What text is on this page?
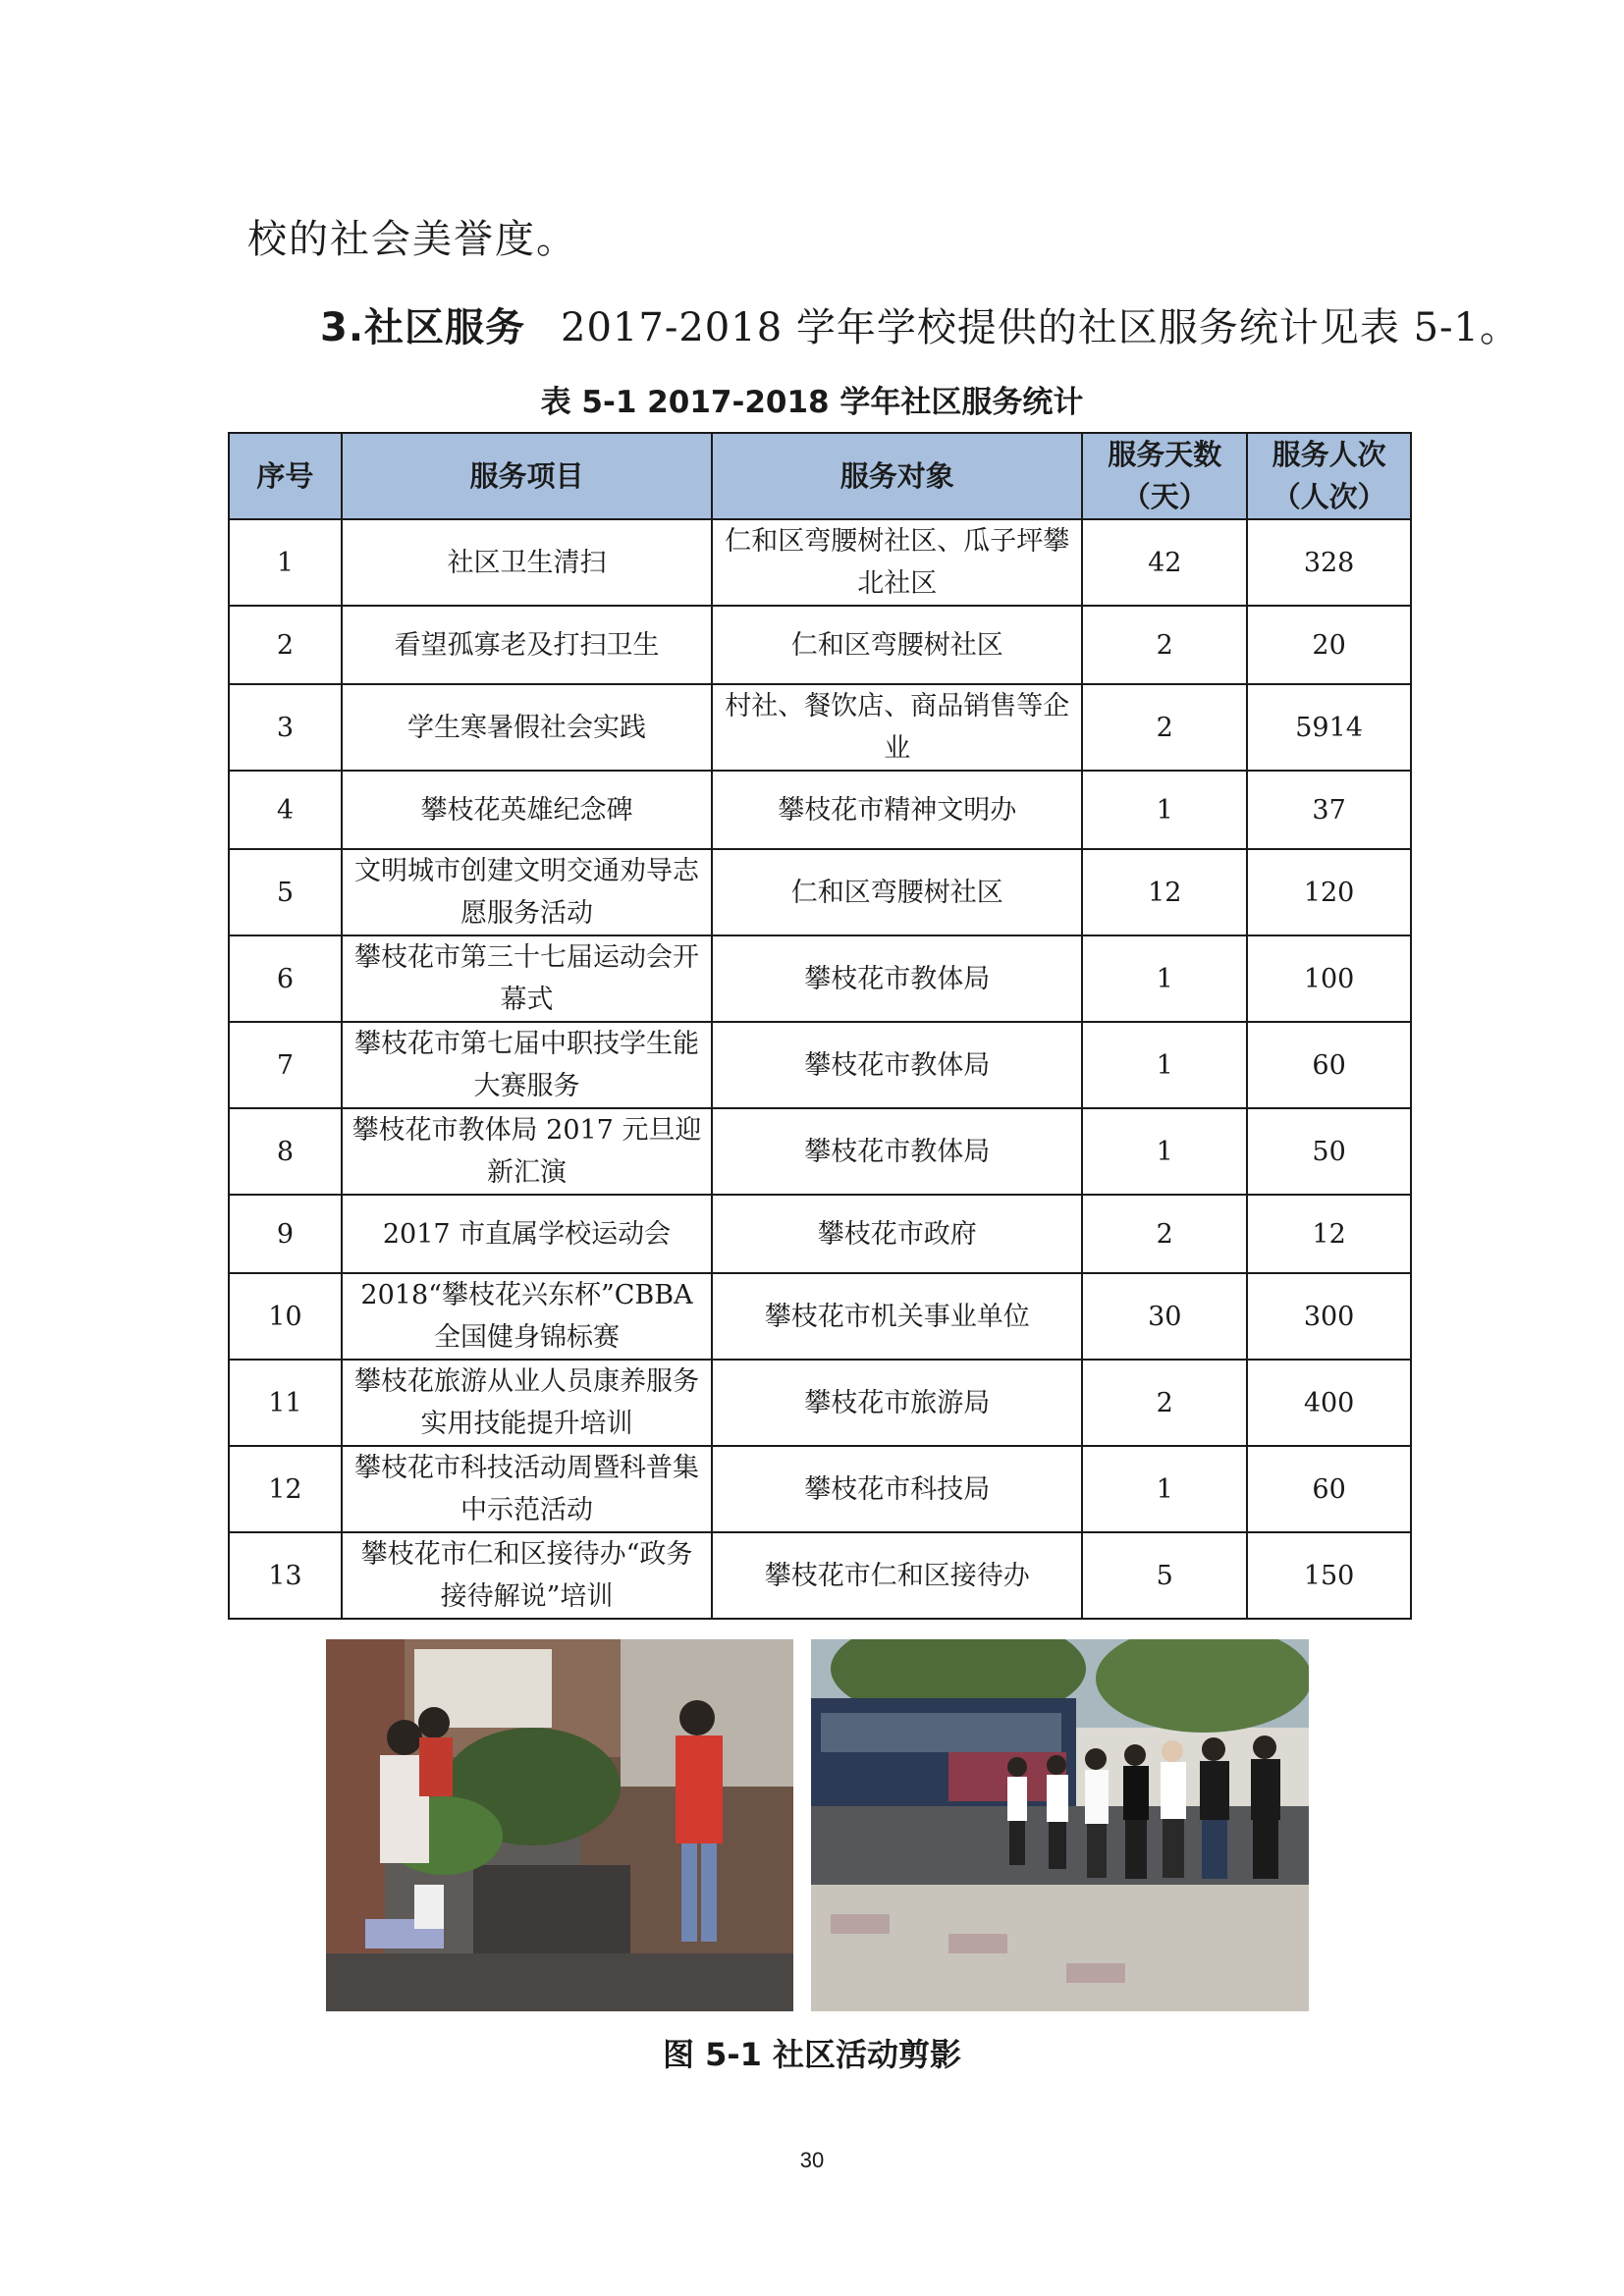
校的社会美誉度。
3.社区服务 2017-2018 学年学校提供的社区服务统计见表 5-1。
表 5-1 2017-2018 学年社区服务统计
序号	服务项目	服务对象	服务天数（天）	服务人次（人次）
1	社区卫生清扫	仁和区弯腰树社区、瓜子坪攀北社区	42	328
2	看望孤寡老及打扫卫生	仁和区弯腰树社区	2	20
3	学生寒暑假社会实践	村社、餐饮店、商品销售等企业	2	5914
4	攀枝花英雄纪念碑	攀枝花市精神文明办	1	37
5	文明城市创建文明交通劝导志愿服务活动	仁和区弯腰树社区	12	120
6	攀枝花市第三十七届运动会开幕式	攀枝花市教体局	1	100
7	攀枝花市第七届中职技学生能大赛服务	攀枝花市教体局	1	60
8	攀枝花市教体局 2017 元旦迎新汇演	攀枝花市教体局	1	50
9	2017 市直属学校运动会	攀枝花市政府	2	12
10	2018“攀枝花兴东杯”CBBA 全国健身锦标赛	攀枝花市机关事业单位	30	300
11	攀枝花旅游从业人员康养服务实用技能提升培训	攀枝花市旅游局	2	400
12	攀枝花市科技活动周暨科普集中示范活动	攀枝花市科技局	1	60
13	攀枝花市仁和区接待办“政务接待解说”培训	攀枝花市仁和区接待办	5	150
图 5-1 社区活动剪影
30
